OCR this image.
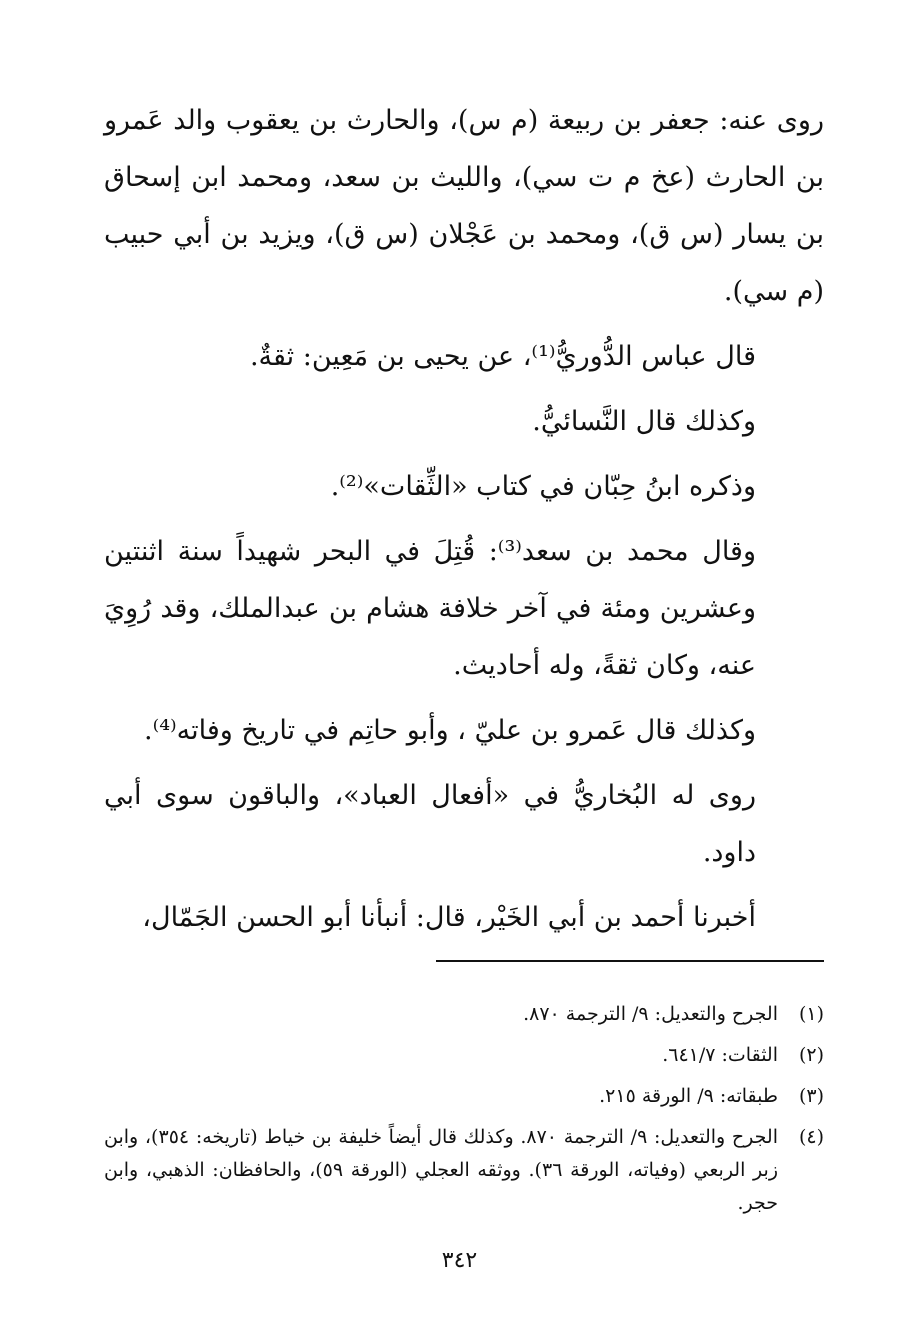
روى عنه: جعفر بن ربيعة (م س)، والحارث بن يعقوب والد عَمرو بن الحارث (عخ م ت سي)، والليث بن سعد، ومحمد ابن إسحاق بن يسار (س ق)، ومحمد بن عَجْلان (س ق)، ويزيد بن أبي حبيب (م سي).

قال عباس الدُّوريُّ⁽¹⁾، عن يحيى بن مَعِين: ثقةٌ.

وكذلك قال النَّسائيُّ.

وذكره ابنُ حِبّان في كتاب «الثِّقات»⁽²⁾.

وقال محمد بن سعد⁽³⁾: قُتِلَ في البحر شهيداً سنة اثنتين وعشرين ومئة في آخر خلافة هشام بن عبدالملك، وقد رُوِيَ عنه، وكان ثقةً، وله أحاديث.

وكذلك قال عَمرو بن عليّ ، وأبو حاتِم في تاريخ وفاته⁽⁴⁾.

روى له البُخاريُّ في «أفعال العباد»، والباقون سوى أبي داود.

أخبرنا أحمد بن أبي الخَيْر، قال: أنبأنا أبو الحسن الجَمّال،

(١)
الجرح والتعديل: ٩/ الترجمة ٨٧٠.
(٢)
الثقات: ٦٤١/٧.
(٣)
طبقاته: ٩/ الورقة ٢١٥.
(٤)
الجرح والتعديل: ٩/ الترجمة ٨٧٠. وكذلك قال أيضاً خليفة بن خياط (تاريخه: ٣٥٤)، وابن زبر الربعي (وفياته، الورقة ٣٦). ووثقه العجلي (الورقة ٥٩)، والحافظان: الذهبي، وابن حجر.
٣٤٢
